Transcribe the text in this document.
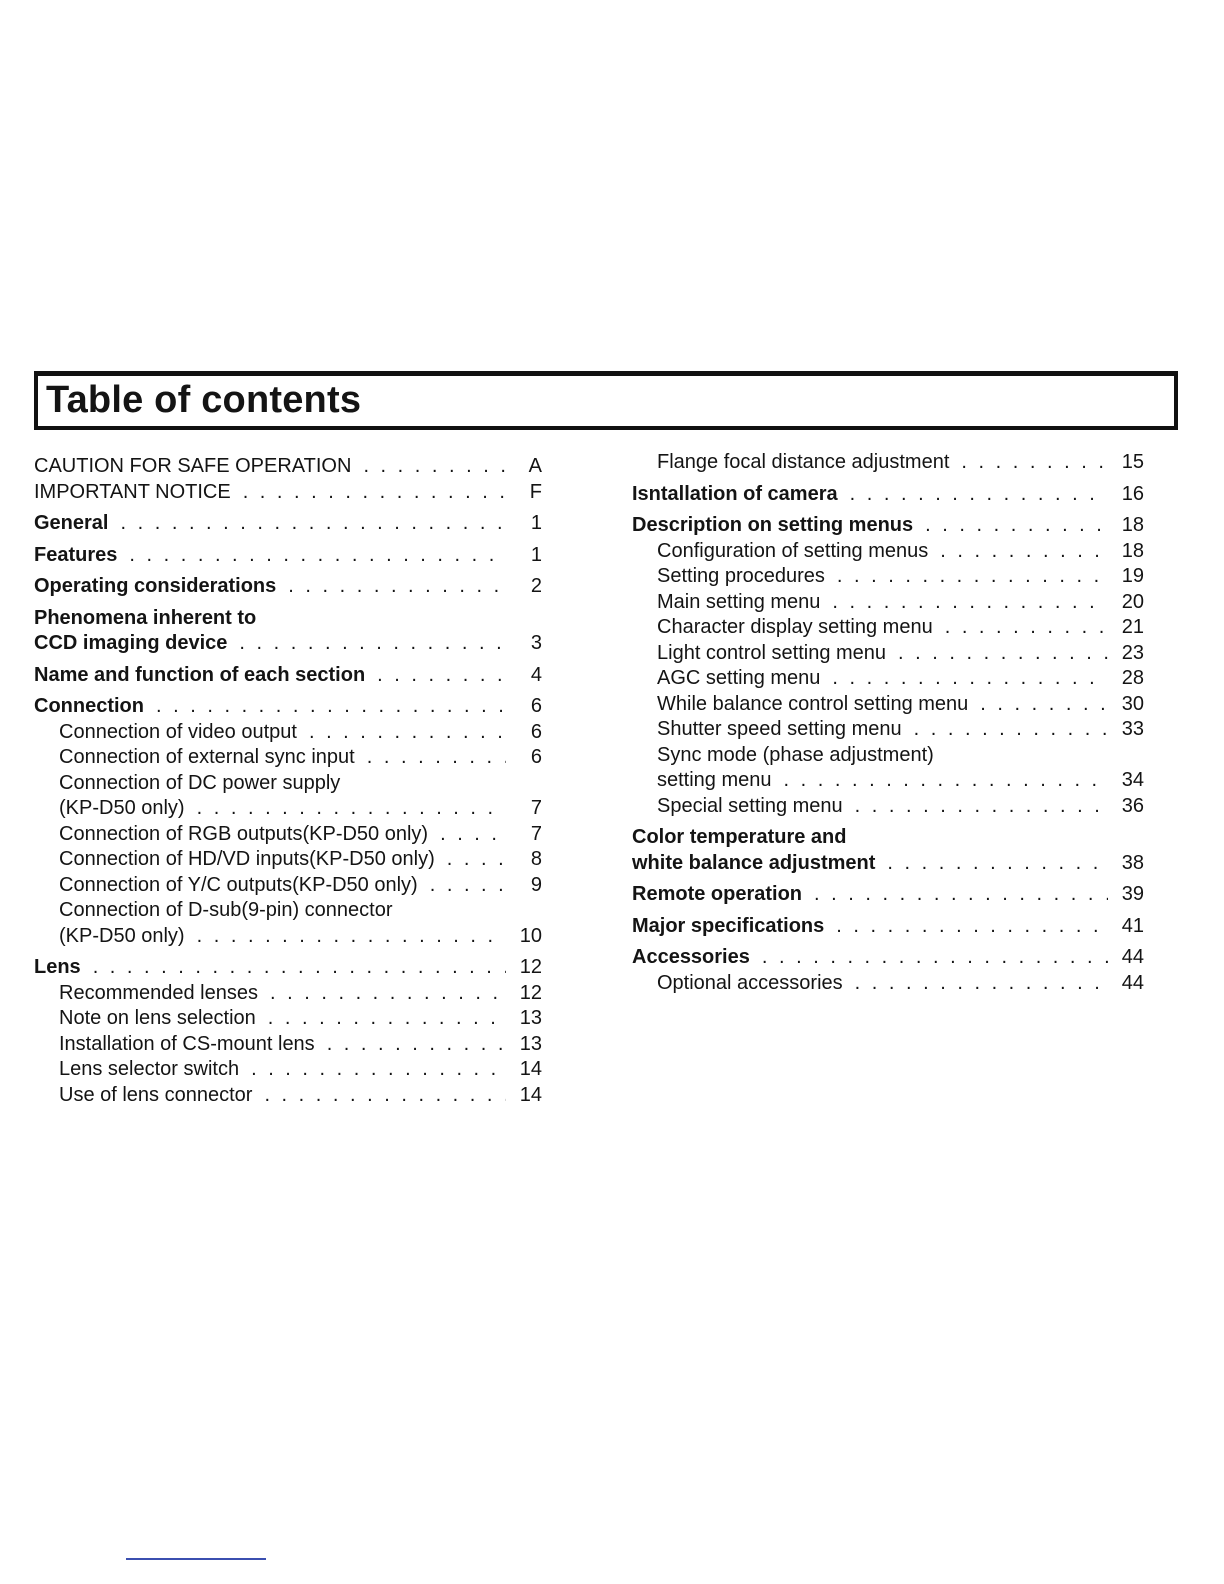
Table of contents
CAUTION FOR SAFE OPERATION . . .	A
IMPORTANT NOTICE . . .	F
General . . .	1
Features . . .	1
Operating considerations . . .	2
Phenomena inherent to
CCD imaging device . . .	3
Name and function of each section . . .	4
Connection . . .	6
Connection of video output . . .	6
Connection of external sync input . . .	6
Connection of DC power supply
(KP-D50 only) . . .	7
Connection of RGB outputs(KP-D50 only) . . .	7
Connection of HD/VD inputs(KP-D50 only) . . .	8
Connection of Y/C outputs(KP-D50 only) . . .	9
Connection of D-sub(9-pin) connector
(KP-D50 only) . . .	10
Lens . . .	12
Recommended lenses . . .	12
Note on lens selection . . .	13
Installation of CS-mount lens . . .	13
Lens selector switch . . .	14
Use of lens connector . . .	14
Flange focal distance adjustment . . .	15
Isntallation of camera . . .	16
Description on setting menus . . .	18
Configuration of setting menus . . .	18
Setting procedures . . .	19
Main setting menu . . .	20
Character display setting menu . . .	21
Light control setting menu . . .	23
AGC setting menu . . .	28
While balance control setting menu . . .	30
Shutter speed setting menu . . .	33
Sync mode (phase adjustment)
setting menu . . .	34
Special setting menu . . .	36
Color temperature and
white balance adjustment . . .	38
Remote operation . . .	39
Major specifications . . .	41
Accessories . . .	44
Optional accessories . . .	44
